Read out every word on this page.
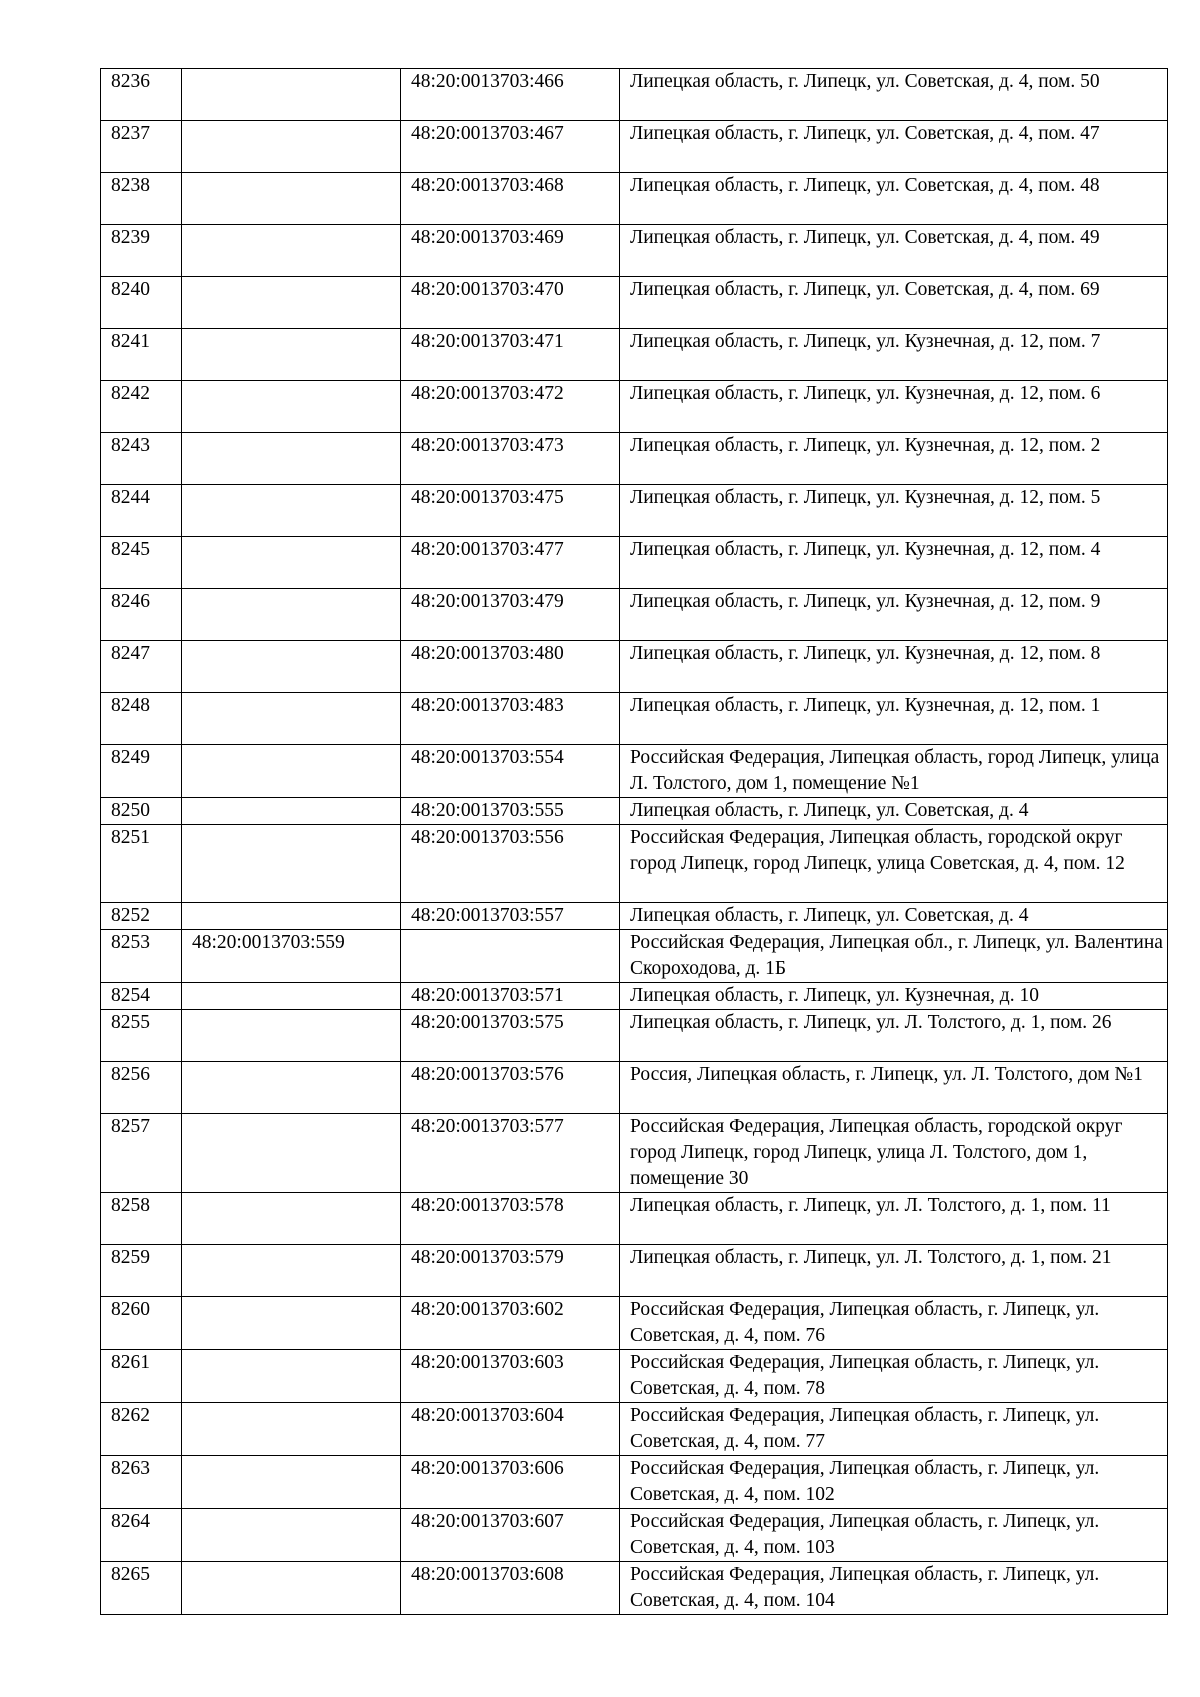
8236		48:20:0013703:466	Липецкая область, г. Липецк, ул. Советская, д. 4, пом. 50
8237		48:20:0013703:467	Липецкая область, г. Липецк, ул. Советская, д. 4, пом. 47
8238		48:20:0013703:468	Липецкая область, г. Липецк, ул. Советская, д. 4, пом. 48
8239		48:20:0013703:469	Липецкая область, г. Липецк, ул. Советская, д. 4, пом. 49
8240		48:20:0013703:470	Липецкая область, г. Липецк, ул. Советская, д. 4, пом. 69
8241		48:20:0013703:471	Липецкая область, г. Липецк, ул. Кузнечная, д. 12, пом. 7
8242		48:20:0013703:472	Липецкая область, г. Липецк, ул. Кузнечная, д. 12, пом. 6
8243		48:20:0013703:473	Липецкая область, г. Липецк, ул. Кузнечная, д. 12, пом. 2
8244		48:20:0013703:475	Липецкая область, г. Липецк, ул. Кузнечная, д. 12, пом. 5
8245		48:20:0013703:477	Липецкая область, г. Липецк, ул. Кузнечная, д. 12, пом. 4
8246		48:20:0013703:479	Липецкая область, г. Липецк, ул. Кузнечная, д. 12, пом. 9
8247		48:20:0013703:480	Липецкая область, г. Липецк, ул. Кузнечная, д. 12, пом. 8
8248		48:20:0013703:483	Липецкая область, г. Липецк, ул. Кузнечная, д. 12, пом. 1
8249		48:20:0013703:554	Российская Федерация, Липецкая область, город Липецк, улица Л. Толстого, дом 1, помещение №1
8250		48:20:0013703:555	Липецкая область, г. Липецк, ул. Советская, д. 4
8251		48:20:0013703:556	Российская Федерация, Липецкая область, городской округ город Липецк, город Липецк, улица Советская, д. 4, пом. 12
8252		48:20:0013703:557	Липецкая область, г. Липецк, ул. Советская, д. 4
8253	48:20:0013703:559		Российская Федерация, Липецкая обл., г. Липецк, ул. Валентина Скороходова, д. 1Б
8254		48:20:0013703:571	Липецкая область, г. Липецк, ул. Кузнечная, д. 10
8255		48:20:0013703:575	Липецкая область, г. Липецк, ул. Л. Толстого, д. 1, пом. 26
8256		48:20:0013703:576	Россия, Липецкая область, г. Липецк, ул. Л. Толстого, дом №1
8257		48:20:0013703:577	Российская Федерация, Липецкая область, городской округ город Липецк, город Липецк, улица Л. Толстого, дом 1, помещение 30
8258		48:20:0013703:578	Липецкая область, г. Липецк, ул. Л. Толстого, д. 1, пом. 11
8259		48:20:0013703:579	Липецкая область, г. Липецк, ул. Л. Толстого, д. 1, пом. 21
8260		48:20:0013703:602	Российская Федерация, Липецкая область, г. Липецк, ул. Советская, д. 4, пом. 76
8261		48:20:0013703:603	Российская Федерация, Липецкая область, г. Липецк, ул. Советская, д. 4, пом. 78
8262		48:20:0013703:604	Российская Федерация, Липецкая область, г. Липецк, ул. Советская, д. 4, пом. 77
8263		48:20:0013703:606	Российская Федерация, Липецкая область, г. Липецк, ул. Советская, д. 4, пом. 102
8264		48:20:0013703:607	Российская Федерация, Липецкая область, г. Липецк, ул. Советская, д. 4, пом. 103
8265		48:20:0013703:608	Российская Федерация, Липецкая область, г. Липецк, ул. Советская, д. 4, пом. 104
